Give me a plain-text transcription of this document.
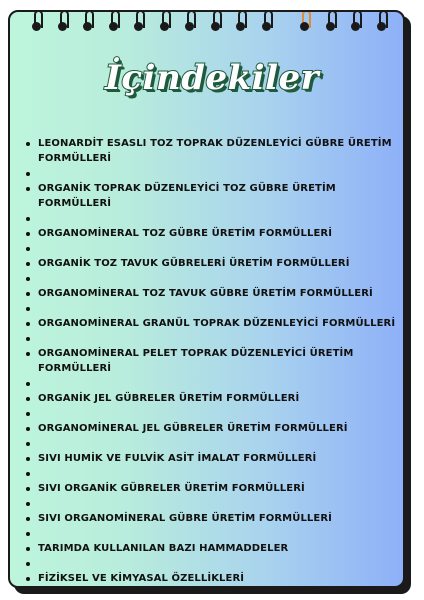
İçindekiler
LEONARDİT ESASLI TOZ TOPRAK DÜZENLEYİCİ GÜBRE ÜRETİM FORMÜLLERİ
ORGANİK TOPRAK DÜZENLEYİCİ TOZ GÜBRE ÜRETİM FORMÜLLERİ
ORGANOMİNERAL TOZ GÜBRE ÜRETİM FORMÜLLERİ
ORGANİK TOZ TAVUK GÜBRELERİ ÜRETİM FORMÜLLERİ
ORGANOMİNERAL TOZ TAVUK GÜBRE ÜRETİM FORMÜLLERİ
ORGANOMİNERAL GRANÜL TOPRAK DÜZENLEYİCİ FORMÜLLERİ
ORGANOMİNERAL PELET TOPRAK DÜZENLEYİCİ ÜRETİM FORMÜLLERİ
ORGANİK JEL GÜBRELER ÜRETİM FORMÜLLERİ
ORGANOMİNERAL JEL GÜBRELER ÜRETİM FORMÜLLERİ
SIVI HUMİK VE FULVİK ASİT İMALAT FORMÜLLERİ
SIVI ORGANİK GÜBRELER ÜRETİM FORMÜLLERİ
SIVI ORGANOMİNERAL GÜBRE ÜRETİM FORMÜLLERİ
TARIMDA KULLANILAN BAZI HAMMADDELER
FİZİKSEL VE KİMYASAL ÖZELLİKLERİ
